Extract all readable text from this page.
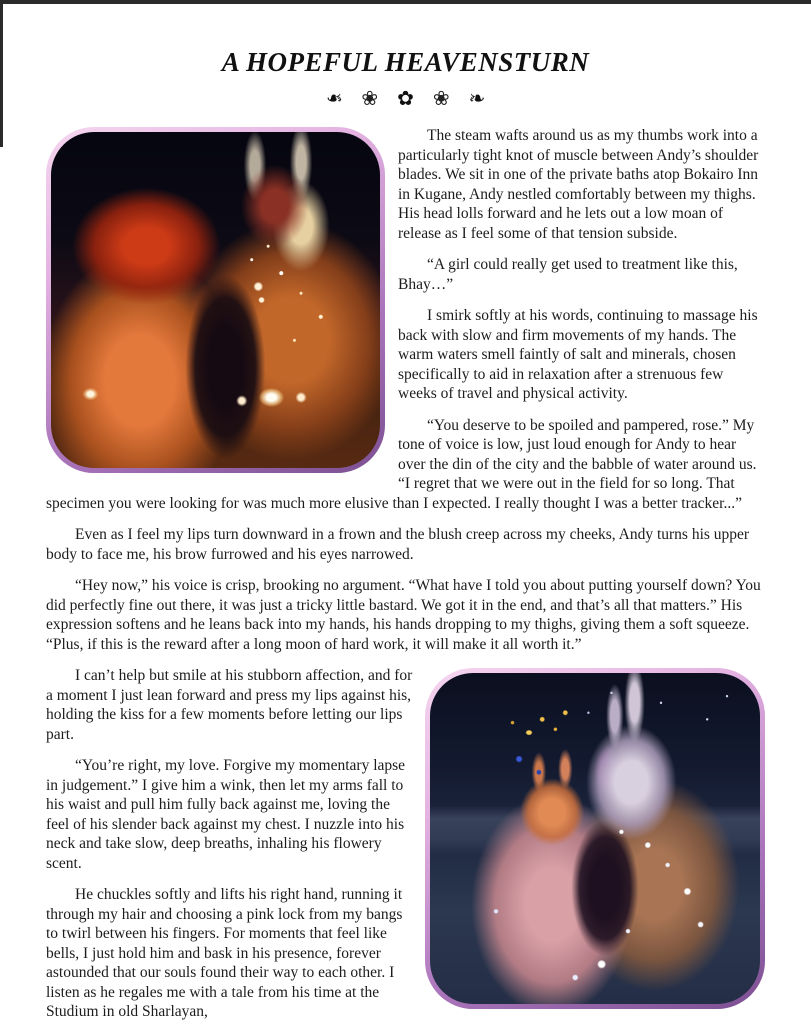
A HOPEFUL HEAVENSTURN
❧ ❀ ✿ ❀ ❧

The steam wafts around us as my thumbs work into a particularly tight knot of muscle between Andy’s shoulder blades. We sit in one of the private baths atop Bokairo Inn in Kugane, Andy nestled comfortably between my thighs. His head lolls forward and he lets out a low moan of release as I feel some of that tension subside.

“A girl could really get used to treatment like this, Bhay…”

I smirk softly at his words, continuing to massage his back with slow and firm movements of my hands. The warm waters smell faintly of salt and minerals, chosen specifically to aid in relaxation after a strenuous few weeks of travel and physical activity.

“You deserve to be spoiled and pampered, rose.” My tone of voice is low, just loud enough for Andy to hear over the din of the city and the babble of water around us. “I regret that we were out in the field for so long. That specimen you were looking for was much more elusive than I expected. I really thought I was a better tracker...”

Even as I feel my lips turn downward in a frown and the blush creep across my cheeks, Andy turns his upper body to face me, his brow furrowed and his eyes narrowed.

“Hey now,” his voice is crisp, brooking no argument. “What have I told you about putting yourself down? You did perfectly fine out there, it was just a tricky little bastard. We got it in the end, and that’s all that matters.” His expression softens and he leans back into my hands, his hands dropping to my thighs, giving them a soft squeeze. “Plus, if this is the reward after a long moon of hard work, it will make it all worth it.”

I can’t help but smile at his stubborn affection, and for a moment I just lean forward and press my lips against his, holding the kiss for a few moments before letting our lips part.

“You’re right, my love. Forgive my momentary lapse in judgement.” I give him a wink, then let my arms fall to his waist and pull him fully back against me, loving the feel of his slender back against my chest. I nuzzle into his neck and take slow, deep breaths, inhaling his flowery scent.

He chuckles softly and lifts his right hand, running it through my hair and choosing a pink lock from my bangs to twirl between his fingers. For moments that feel like bells, I just hold him and bask in his presence, forever astounded that our souls found their way to each other. I listen as he regales me with a tale from his time at the Studium in old Sharlayan,
